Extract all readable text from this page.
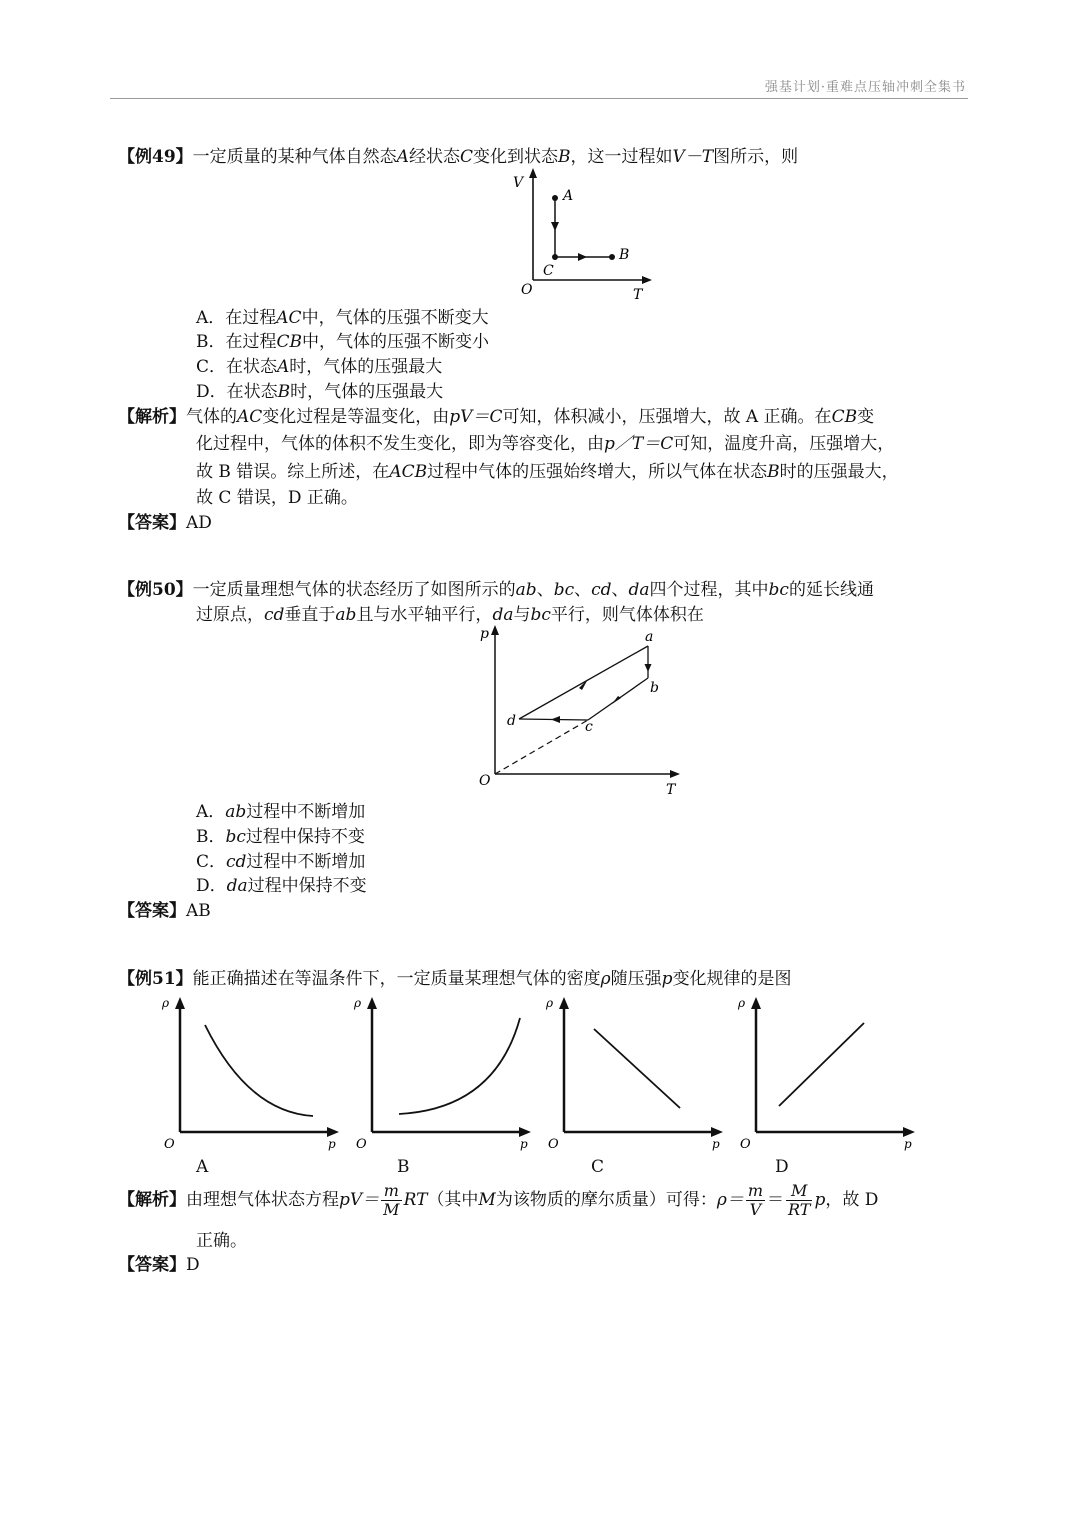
强基计划·重难点压轴冲刺全集书
【例49】一定质量的某种气体自然态A经状态C变化到状态B，这一过程如V－T图所示，则
V
A
B
C
O	T
A．在过程AC中，气体的压强不断变大
B．在过程CB中，气体的压强不断变小
C．在状态A时，气体的压强最大
D．在状态B时，气体的压强最大
【解析】气体的AC变化过程是等温变化，由pV＝C可知，体积减小，压强增大，故 A 正确。在CB变
化过程中，气体的体积不发生变化，即为等容变化，由p／T＝C可知，温度升高，压强增大，
故 B 错误。综上所述，在ACB过程中气体的压强始终增大，所以气体在状态B时的压强最大，
故 C 错误，D 正确。
【答案】AD
【例50】一定质量理想气体的状态经历了如图所示的ab、bc、cd、da四个过程，其中bc的延长线通
过原点，cd垂直于ab且与水平轴平行，da与bc平行，则气体体积在
p	a
b
c
d
O
T
A．ab过程中不断增加
B．bc过程中保持不变
C．cd过程中不断增加
D．da过程中保持不变
【答案】AB
【例51】能正确描述在等温条件下，一定质量某理想气体的密度ρ随压强p变化规律的是图
ρ
O	p
ρ
O	p
ρ
O	p
ρ
O	p
A	B	C	D
【解析】由理想气体状态方程$pV= \frac{m}{M} RT$（其中M为该物质的摩尔质量）可得：$\rho= \frac{m}{V} = \frac{M}{RT}$ p，故 D
正确。
【答案】D
